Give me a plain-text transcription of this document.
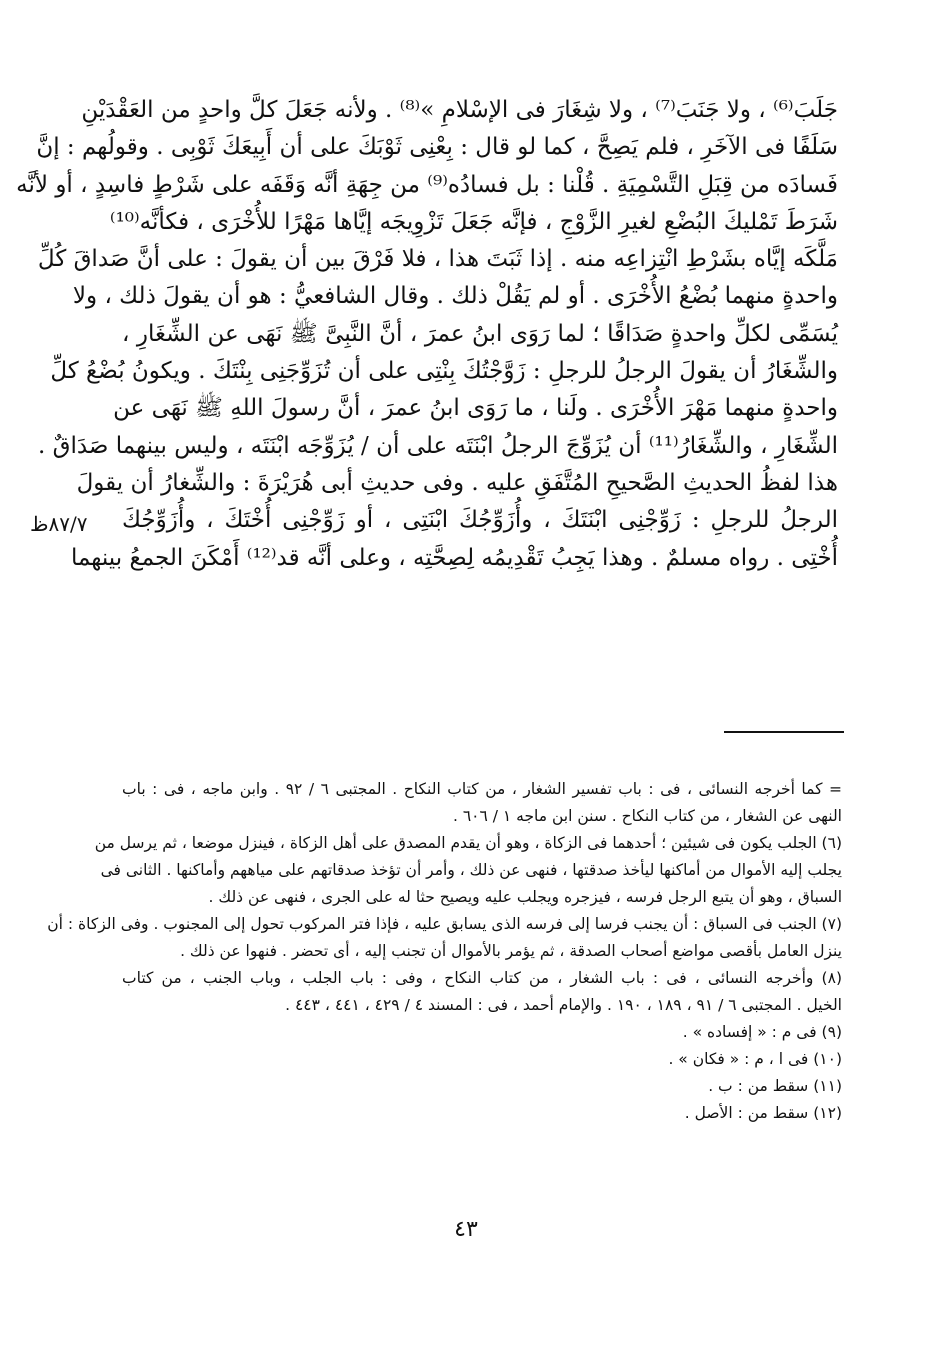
جَلَبَ⁽⁶⁾ ، ولا جَنَبَ⁽⁷⁾ ، ولا شِغَارَ فى الإسْلامِ »⁽⁸⁾ . ولأنه جَعَلَ كلَّ واحدٍ من العَقْدَيْنِ
سَلَفًا فى الآخَرِ ، فلم يَصِحَّ ، كما لو قال : بِعْنِى ثَوْبَكَ على أن أَبِيعَكَ ثَوْبِى . وقولُهم : إنَّ
فَسادَه من قِبَلِ التَّسْمِيَةِ . قُلْنا : بل فسادُه⁽⁹⁾ من جِهَةِ أنَّه وَقَفَه على شَرْطٍ فاسِدٍ ، أو لأنَّه
شَرَطَ تَمْليكَ البُضْعِ لغيرِ الزَّوْجِ ، فإنَّه جَعَلَ تَزْوِيجَه إيَّاها مَهْرًا للأُخْرَى ، فكأنَّه⁽¹⁰⁾
مَلَّكَه إيَّاه بشَرْطِ انْتِزاعِه منه . إذا ثَبَتَ هذا ، فلا فَرْقَ بين أن يقولَ : على أنَّ صَداقَ كُلِّ
واحدةٍ منهما بُضْعُ الأُخْرَى . أو لم يَقُلْ ذلك . وقال الشافعيُّ : هو أن يقولَ ذلك ، ولا
يُسَمِّى لكلِّ واحدةٍ صَدَاقًا ؛ لما رَوَى ابنُ عمرَ ، أنَّ النَّبِىَّ ﷺ نَهَى عن الشِّغَارِ ،
والشِّغَارُ أن يقولَ الرجلُ للرجلِ : زَوَّجْتُكَ بِنْتِى على أن تُزَوِّجَنِى بِنْتَكَ . ويكونُ بُضْعُ كلِّ
واحدةٍ منهما مَهْرَ الأُخْرَى . ولَنا ، ما رَوَى ابنُ عمرَ ، أنَّ رسولَ اللهِ ﷺ نَهَى عن
الشِّغَارِ ، والشِّغَارُ⁽¹¹⁾ أن يُزَوِّجَ الرجلُ ابْنَتَه على أن / يُزَوِّجَه ابْنَتَه ، وليس بينهما صَدَاقٌ .
هذا لفظُ الحديثِ الصَّحيحِ المُتَّفَقِ عليه . وفى حديثِ أبى هُرَيْرَةَ : والشِّغارُ أن يقولَ
الرجلُ للرجلِ : زَوِّجْنِى ابْنَتَكَ ، وأُزَوِّجُكَ ابْنَتِى ، أو زَوِّجْنِى أُخْتَكَ ، وأُزَوِّجُكَ
أُخْتِى . رواه مسلمٌ . وهذا يَجِبُ تَقْدِيمُه لِصِحَّتِه ، وعلى أنَّه قد⁽¹²⁾ أَمْكَنَ الجمعُ بينهما
٨٧/٧ظ
= كما أخرجه النسائى ، فى : باب تفسير الشغار ، من كتاب النكاح . المجتبى ٦ / ٩٢ . وابن ماجه ، فى : باب
النهى عن الشغار ، من كتاب النكاح . سنن ابن ماجه ١ / ٦٠٦ .
(٦) الجلب يكون فى شيئين ؛ أحدهما فى الزكاة ، وهو أن يقدم المصدق على أهل الزكاة ، فينزل موضعا ، ثم يرسل من
يجلب إليه الأموال من أماكنها ليأخذ صدقتها ، فنهى عن ذلك ، وأمر أن تؤخذ صدقاتهم على مياههم وأماكنها . الثانى فى
السباق ، وهو أن يتبع الرجل فرسه ، فيزجره ويجلب عليه ويصيح حثا له على الجرى ، فنهى عن ذلك .
(٧) الجنب فى السباق : أن يجنب فرسا إلى فرسه الذى يسابق عليه ، فإذا فتر المركوب تحول إلى المجنوب . وفى الزكاة : أن
ينزل العامل بأقصى مواضع أصحاب الصدقة ، ثم يؤمر بالأموال أن تجنب إليه ، أى تحضر . فنهوا عن ذلك .
(٨) وأخرجه النسائى ، فى : باب الشغار ، من كتاب النكاح ، وفى : باب الجلب ، وباب الجنب ، من كتاب
الخيل . المجتبى ٦ / ٩١ ، ١٨٩ ، ١٩٠ . والإمام أحمد ، فى : المسند ٤ / ٤٢٩ ، ٤٤١ ، ٤٤٣ .
(٩) فى م : « إفساده » .
(١٠) فى ا ، م : « فكان » .
(١١) سقط من : ب .
(١٢) سقط من : الأصل .
٤٣
